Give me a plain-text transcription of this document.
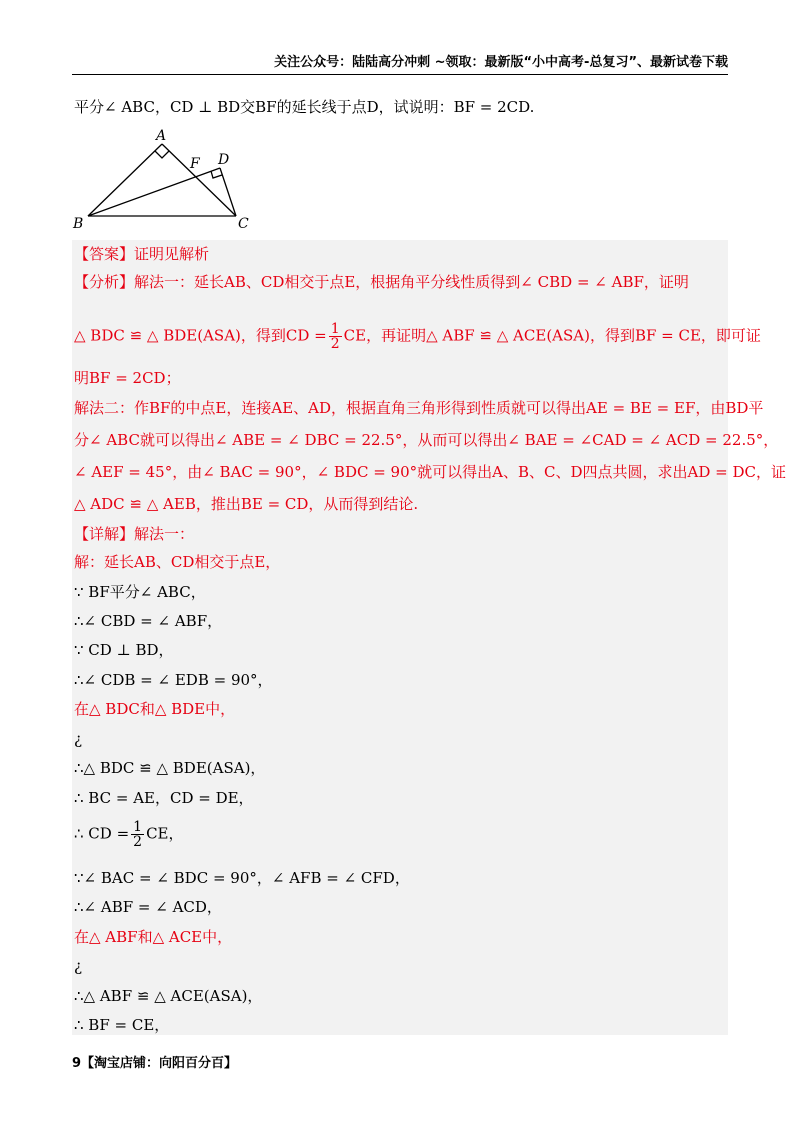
关注公众号：陆陆高分冲刺 ~领取：最新版“小中高考-总复习”、最新试卷下载
平分∠ ABC，CD ⊥ BD交BF的延长线于点D，试说明：BF = 2CD.
A
B	C
D
F
【答案】证明见解析
【分析】解法一：延长AB、CD相交于点E，根据角平分线性质得到∠ CBD = ∠ ABF，证明
△ BDC ≌ △ BDE(ASA)，得到CD = $\frac{1}{2}$ CE，再证明△ ABF ≌ △ ACE(ASA)，得到BF = CE，即可证
明BF = 2CD；
解法二：作BF的中点E，连接AE、AD，根据直角三角形得到性质就可以得出AE = BE = EF，由BD平
分∠ ABC就可以得出∠ ABE = ∠ DBC = 22.5°，从而可以得出∠ BAE = ∠CAD = ∠ ACD = 22.5°，
∠ AEF = 45°，由∠ BAC = 90°，∠ BDC = 90°就可以得出A、B、C、D四点共圆，求出AD = DC，证
△ ADC ≌ △ AEB，推出BE = CD，从而得到结论.
【详解】解法一：
解：延长AB、CD相交于点E，
∵ BF平分∠ ABC，
∴∠ CBD = ∠ ABF，
∵ CD ⊥ BD，
∴∠ CDB = ∠ EDB = 90°，
在△ BDC和△ BDE中，
¿
∴△ BDC ≌ △ BDE(ASA)，
∴ BC = AE，CD = DE，
∴ CD = $\frac{1}{2}$ CE，
∵∠ BAC = ∠ BDC = 90°，∠ AFB = ∠ CFD，
∴∠ ABF = ∠ ACD，
在△ ABF和△ ACE中，
¿
∴△ ABF ≌ △ ACE(ASA)，
∴ BF = CE，
9【淘宝店铺：向阳百分百】
